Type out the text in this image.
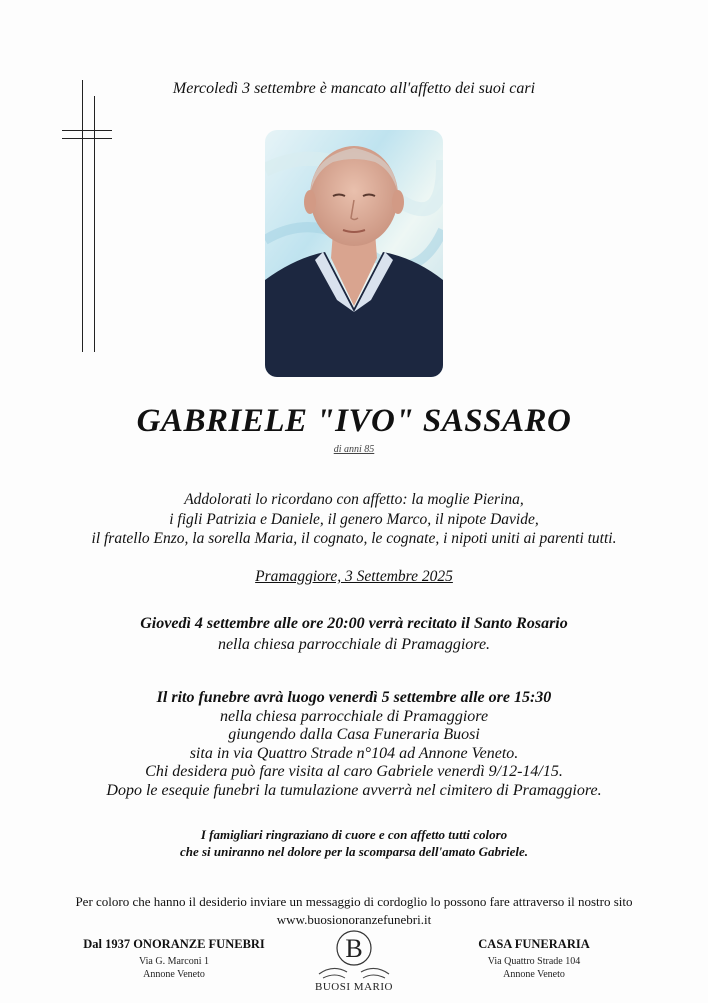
Mercoledì 3 settembre è mancato all'affetto dei suoi cari
GABRIELE "IVO" SASSARO
di anni 85
Addolorati lo ricordano con affetto: la moglie Pierina,
i figli Patrizia e Daniele, il genero Marco, il nipote Davide,
il fratello Enzo, la sorella Maria, il cognato, le cognate, i nipoti uniti ai parenti tutti.
Pramaggiore, 3 Settembre 2025
Giovedì 4 settembre alle ore 20:00 verrà recitato il Santo Rosario
nella chiesa parrocchiale di Pramaggiore.
Il rito funebre avrà luogo venerdì 5 settembre alle ore 15:30
nella chiesa parrocchiale di Pramaggiore
giungendo dalla Casa Funeraria Buosi
sita in via Quattro Strade n°104 ad Annone Veneto.
Chi desidera può fare visita al caro Gabriele venerdì 9/12-14/15.
Dopo le esequie funebri la tumulazione avverrà nel cimitero di Pramaggiore.
I famigliari ringraziano di cuore e con affetto tutti coloro
che si uniranno nel dolore per la scomparsa dell'amato Gabriele.
Per coloro che hanno il desiderio inviare un messaggio di cordoglio lo possono fare attraverso il nostro sito
www.buosionoranzefunebri.it
Dal 1937 ONORANZE FUNEBRI
Via G. Marconi 1
Annone Veneto
B
BUOSI MARIO
CASA FUNERARIA
Via Quattro Strade 104
Annone Veneto
